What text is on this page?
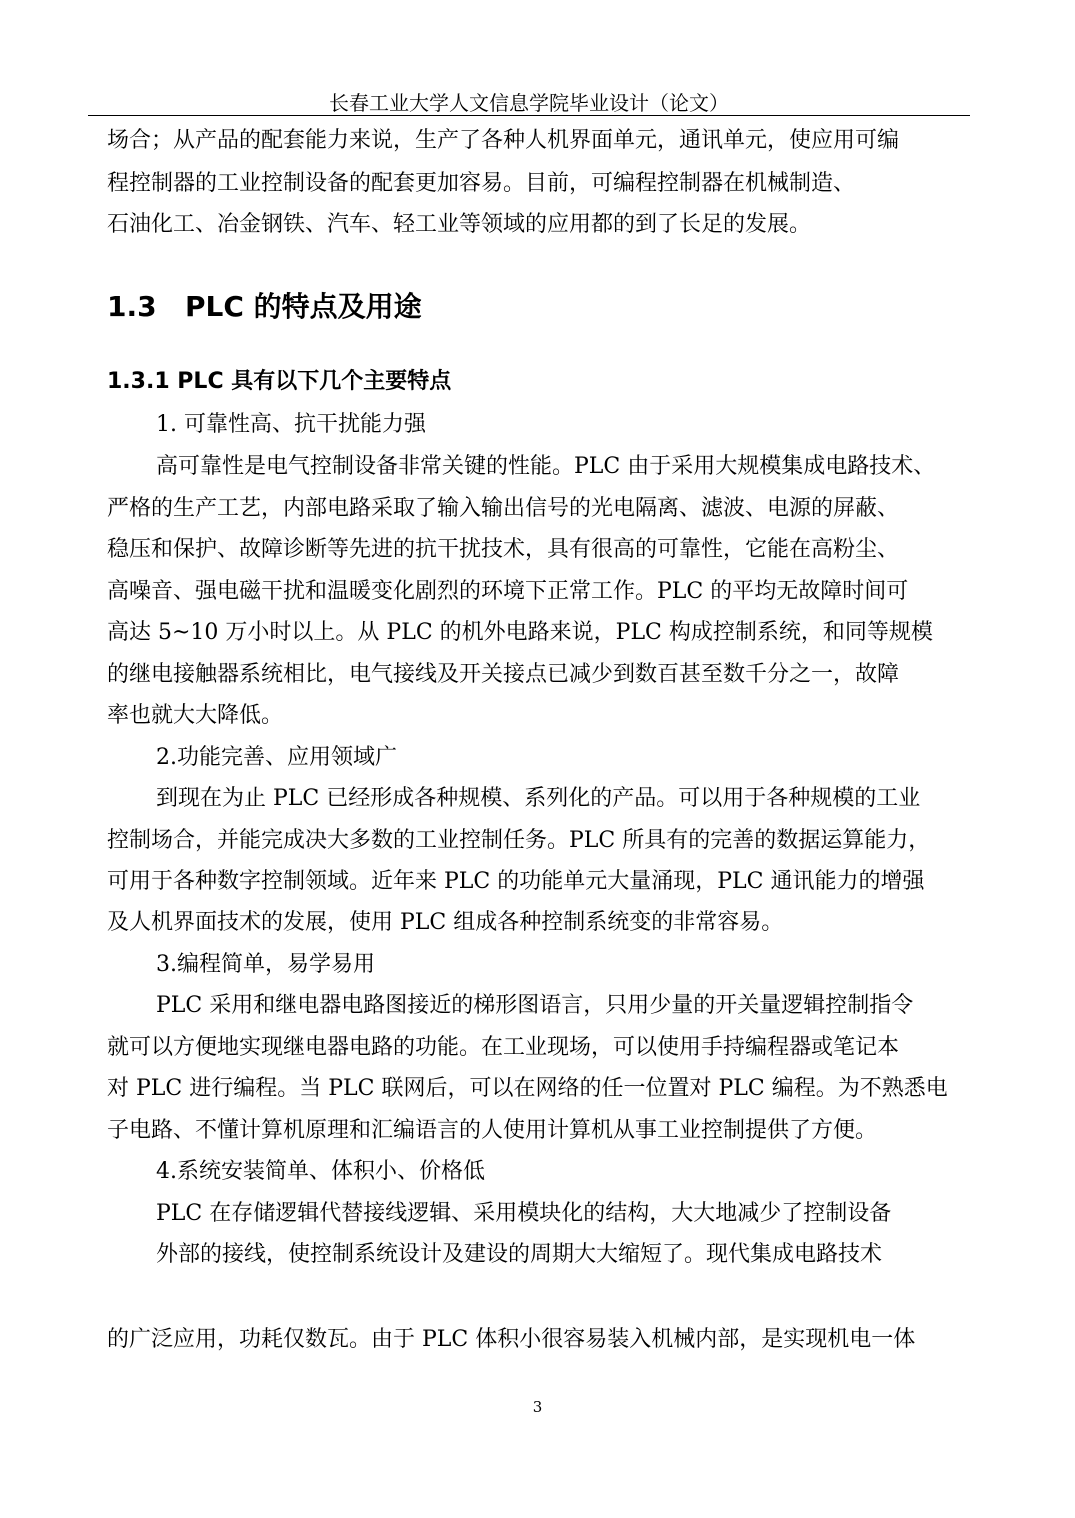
长春工业大学人文信息学院毕业设计（论文）
场合；从产品的配套能力来说，生产了各种人机界面单元，通讯单元，使应用可编
程控制器的工业控制设备的配套更加容易。目前，可编程控制器在机械制造、
石油化工、冶金钢铁、汽车、轻工业等领域的应用都的到了长足的发展。
1.3 PLC 的特点及用途
1.3.1 PLC 具有以下几个主要特点
1. 可靠性高、抗干扰能力强
高可靠性是电气控制设备非常关键的性能。PLC 由于采用大规模集成电路技术、
严格的生产工艺，内部电路采取了输入输出信号的光电隔离、滤波、电源的屏蔽、
稳压和保护、故障诊断等先进的抗干扰技术，具有很高的可靠性，它能在高粉尘、
高噪音、强电磁干扰和温暖变化剧烈的环境下正常工作。PLC 的平均无故障时间可
高达 5~10 万小时以上。从 PLC 的机外电路来说，PLC 构成控制系统，和同等规模
的继电接触器系统相比，电气接线及开关接点已减少到数百甚至数千分之一，故障
率也就大大降低。
2.功能完善、应用领域广
到现在为止 PLC 已经形成各种规模、系列化的产品。可以用于各种规模的工业
控制场合，并能完成决大多数的工业控制任务。PLC 所具有的完善的数据运算能力，
可用于各种数字控制领域。近年来 PLC 的功能单元大量涌现，PLC 通讯能力的增强
及人机界面技术的发展，使用 PLC 组成各种控制系统变的非常容易。
3.编程简单，易学易用
PLC 采用和继电器电路图接近的梯形图语言，只用少量的开关量逻辑控制指令
就可以方便地实现继电器电路的功能。在工业现场，可以使用手持编程器或笔记本
对 PLC 进行编程。当 PLC 联网后，可以在网络的任一位置对 PLC 编程。为不熟悉电
子电路、不懂计算机原理和汇编语言的人使用计算机从事工业控制提供了方便。
4.系统安装简单、体积小、价格低
PLC 在存储逻辑代替接线逻辑、采用模块化的结构，大大地减少了控制设备
外部的接线，使控制系统设计及建设的周期大大缩短了。现代集成电路技术
的广泛应用，功耗仅数瓦。由于 PLC 体积小很容易装入机械内部，是实现机电一体
3
